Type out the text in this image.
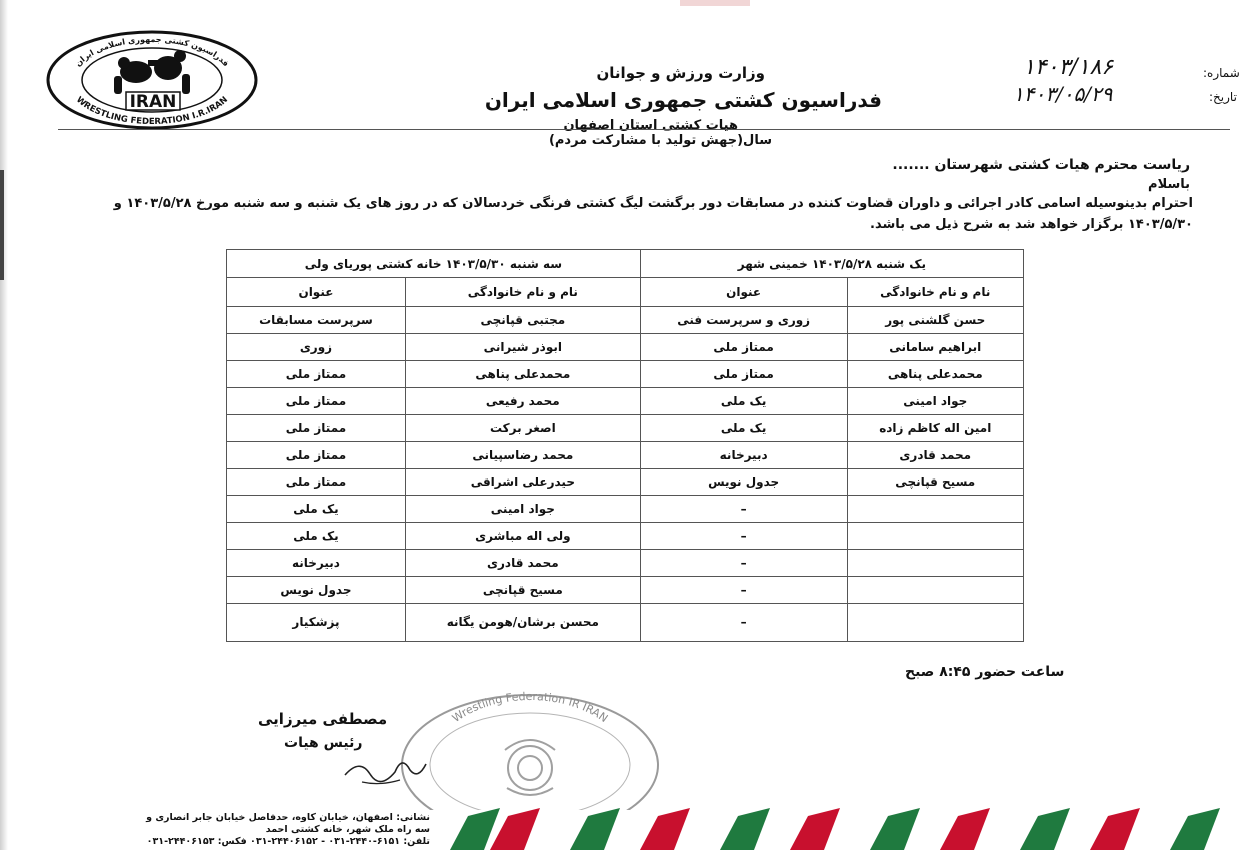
فدراسیون کشتی جمهوری اسلامی ایران
WRESTLING FEDERATION I.R.IRAN
IRAN
وزارت ورزش و جوانان
فدراسیون کشتی جمهوری اسلامی ایران
هیات کشتی استان اصفهان
شماره:
۱۴۰۳/۱۸۶
تاریخ:
۱۴۰۳/۰۵/۲۹
سال(جهش تولید با مشارکت مردم)
ریاست محترم هیات کشتی شهرستان .......
باسلام
احترام بدینوسیله اسامی کادر اجرائی و داوران قضاوت کننده در مسابقات دور برگشت لیگ کشتی فرنگی خردسالان که در روز های یک شنبه و سه شنبه مورخ ۱۴۰۳/۵/۲۸ و ۱۴۰۳/۵/۳۰ برگزار خواهد شد به شرح ذیل می باشد.
یک شنبه ۱۴۰۳/۵/۲۸ خمینی شهر		سه شنبه ۱۴۰۳/۵/۳۰ خانه کشتی پوریای ولی	
نام و نام خانوادگی	عنوان	نام و نام خانوادگی	عنوان
حسن گلشنی پور	زوری و سرپرست فنی	مجتبی قپانچی	سرپرست مسابقات
ابراهیم سامانی	ممتاز ملی	ابوذر شیرانی	زوری
محمدعلی پناهی	ممتاز ملی	محمدعلی پناهی	ممتاز ملی
جواد امینی	یک ملی	محمد رفیعی	ممتاز ملی
امین اله کاظم زاده	یک ملی	اصغر برکت	ممتاز ملی
محمد قادری	دبیرخانه	محمد رضاسپیانی	ممتاز ملی
مسیح قپانچی	جدول نویس	حیدرعلی اشراقی	ممتاز ملی
	–	جواد امینی	یک ملی
	–	ولی اله مباشری	یک ملی
	–	محمد قادری	دبیرخانه
	–	مسیح قپانچی	جدول نویس
	–	محسن برشان/هومن یگانه	پزشکیار
ساعت حضور ۸:۴۵ صبح
Wrestling Federation IR IRAN
مصطفی میرزایی
رئیس هیات
نشانی: اصفهان، خیابان کاوه، حدفاصل خیابان جابر انصاری و
سه راه ملک شهر، خانه کشتی احمد
تلفن: ۶۱۵۱-۲۴۴۰-۰۳۱ - ۲۴۴۰۶۱۵۲-۰۳۱ فکس: ۲۴۴۰۶۱۵۳-۰۳۱
